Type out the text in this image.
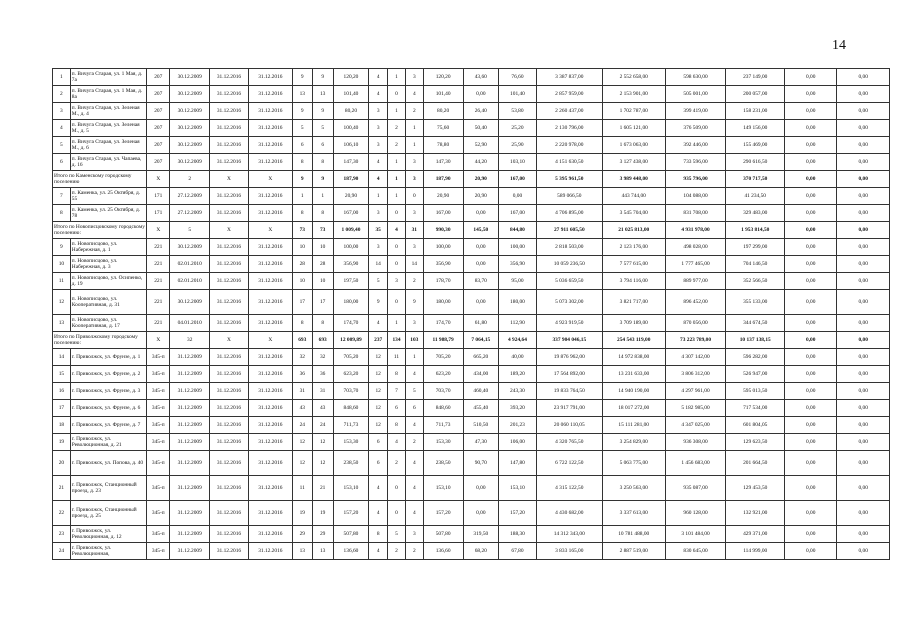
14
1	п. Вичуга Старая, ул. 1 Мая, д. 7а	207	30.12.2009	31.12.2016	31.12.2016	9	9	120,20	4	1	3	120,20	43,60	76,60	3 387 837,00	2 552 658,00	598 630,00	237 149,00	0,00	0,00
2	п. Вичуга Старая, ул. 1 Мая, д. 8а	207	30.12.2009	31.12.2016	31.12.2016	13	13	101,40	4	0	4	101,40	0,00	101,40	2 857 959,00	2 153 901,00	505 001,00	200 057,00	0,00	0,00
3	п. Вичуга Старая, ул. Зеленая М., д. 4	207	30.12.2009	31.12.2016	31.12.2016	9	9	80,20	3	1	2	80,20	26,40	53,80	2 260 437,00	1 702 787,00	399 419,00	158 231,00	0,00	0,00
4	п. Вичуга Старая, ул. Зеленая М., д. 5	207	30.12.2009	31.12.2016	31.12.2016	5	5	100,40	3	2	1	75,60	50,40	25,20	2 130 796,00	1 605 121,00	376 509,00	149 156,00	0,00	0,00
5	п. Вичуга Старая, ул. Зеленая М., д. 6	207	30.12.2009	31.12.2016	31.12.2016	6	6	106,10	3	2	1	78,80	52,90	25,90	2 220 978,00	1 673 063,00	392 446,00	155 469,00	0,00	0,00
6	п. Вичуга Старая, ул. Чапаева, д. 16	207	30.12.2009	31.12.2016	31.12.2016	8	8	147,30	4	1	3	147,30	44,20	103,10	4 151 630,50	3 127 438,00	733 596,00	290 616,50	0,00	0,00
Итого по Каменскому городскому поселению		X	2	X	X	9	9	187,90	4	1	3	187,90	20,90	167,00	5 395 961,50	3 989 448,00	935 796,00	370 717,50	0,00	0,00
7	п. Каменка, ул. 25 Октября, д. 55	171	27.12.2009	31.12.2016	31.12.2016	1	1	20,90	1	1	0	20,90	20,90	0,00	589 066,50	443 744,00	104 088,00	41 234,50	0,00	0,00
8	п. Каменка, ул. 25 Октября, д. 78	171	27.12.2009	31.12.2016	31.12.2016	8	8	167,00	3	0	3	167,00	0,00	167,00	4 706 895,00	3 545 704,00	831 708,00	329 483,00	0,00	0,00
Итого по Новописцовскому городскому поселению:		X	5	X	X	73	73	1 009,40	35	4	31	990,30	145,50	844,80	27 911 605,50	21 025 813,00	4 931 978,00	1 953 814,50	0,00	0,00
9	п. Новописцово, ул. Набережная, д. 1	221	30.12.2009	31.12.2016	31.12.2016	10	10	100,00	3	0	3	100,00	0,00	100,00	2 818 503,00	2 123 176,00	498 028,00	197 299,00	0,00	0,00
10	п. Новописцово, ул. Набережная, д. 3	221	02.01.2010	31.12.2016	31.12.2016	28	28	356,90	14	0	14	356,90	0,00	356,90	10 059 236,50	7 577 615,00	1 777 465,00	704 146,50	0,00	0,00
11	п. Новописцово, ул. Осипенко, д. 19	221	02.01.2010	31.12.2016	31.12.2016	10	10	197,50	5	3	2	178,70	83,70	95,00	5 036 659,50	3 794 116,00	889 977,00	352 566,50	0,00	0,00
12	п. Новописцово, ул. Кооперативная, д. 31	221	30.12.2009	31.12.2016	31.12.2016	17	17	180,00	9	0	9	180,00	0,00	180,00	5 073 302,00	3 821 717,00	896 452,00	355 133,00	0,00	0,00
13	п. Новописцово, ул. Кооперативная, д. 17	221	04.01.2010	31.12.2016	31.12.2016	8	8	174,70	4	1	3	174,70	61,80	112,90	4 923 919,50	3 709 189,00	870 056,00	344 674,50	0,00	0,00
Итого по Приволжскому городскому поселению:		X	32	X	X	693	693	12 009,89	237	134	103	11 988,79	7 064,15	4 924,64	337 904 046,15	254 543 119,00	73 223 789,00	10 137 138,15	0,00	0,00
14	г. Приволжск, ул. Фрунзе, д. 1	345-п	31.12.2009	31.12.2016	31.12.2016	32	32	705,20	12	11	1	705,20	665,20	40,00	19 876 962,00	14 972 838,00	4 307 142,00	596 282,00	0,00	0,00
15	г. Приволжск, ул. Фрунзе, д. 2	345-п	31.12.2009	31.12.2016	31.12.2016	36	36	623,20	12	8	4	623,20	434,00	189,20	17 564 892,00	13 231 633,00	3 806 312,00	526 947,00	0,00	0,00
16	г. Приволжск, ул. Фрунзе, д. 3	345-п	31.12.2009	31.12.2016	31.12.2016	31	31	703,70	12	7	5	703,70	460,40	243,30	19 833 764,50	14 940 190,00	4 297 961,00	595 013,50	0,00	0,00
17	г. Приволжск, ул. Фрунзе, д. 6	345-п	31.12.2009	31.12.2016	31.12.2016	43	43	848,60	12	6	6	848,60	455,40	393,20	23 917 791,00	18 017 272,00	5 182 985,00	717 534,00	0,00	0,00
18	г. Приволжск, ул. Фрунзе, д. 7	345-п	31.12.2009	31.12.2016	31.12.2016	24	24	711,73	12	8	4	711,73	510,50	201,23	20 060 110,05	15 111 281,00	4 347 025,00	601 804,05	0,00	0,00
19	г. Приволжск, ул. Революционная, д. 21	345-п	31.12.2009	31.12.2016	31.12.2016	12	12	153,30	6	4	2	153,30	47,30	106,00	4 320 765,50	3 254 829,00	936 308,00	129 623,50	0,00	0,00
20	г. Приволжск, ул. Попова, д. 40	345-п	31.12.2009	31.12.2016	31.12.2016	12	12	238,50	6	2	4	238,50	90,70	147,80	6 722 122,50	5 063 775,00	1 456 683,00	201 664,50	0,00	0,00
21	г. Приволжск, Станционный проезд, д. 23	345-п	31.12.2009	31.12.2016	31.12.2016	11	21	153,10	4	0	4	153,10	0,00	153,10	4 315 122,50	3 250 563,00	935 087,00	129 453,50	0,00	0,00
22	г. Приволжск, Станционный проезд, д. 25	345-п	31.12.2009	31.12.2016	31.12.2016	19	19	157,20	4	0	4	157,20	0,00	157,20	4 430 682,00	3 337 613,00	960 128,00	132 921,00	0,00	0,00
23	г. Приволжск, ул. Революционная, д. 12	345-п	31.12.2009	31.12.2016	31.12.2016	29	29	507,80	8	5	3	507,80	319,50	188,30	14 312 343,00	10 781 488,00	3 101 484,00	429 371,00	0,00	0,00
24	г. Приволжск, ул. Революционная,	345-п	31.12.2009	31.12.2016	31.12.2016	13	13	136,60	4	2	2	136,60	68,20	67,80	3 833 165,00	2 887 519,00	830 645,00	114 999,00	0,00	0,00
